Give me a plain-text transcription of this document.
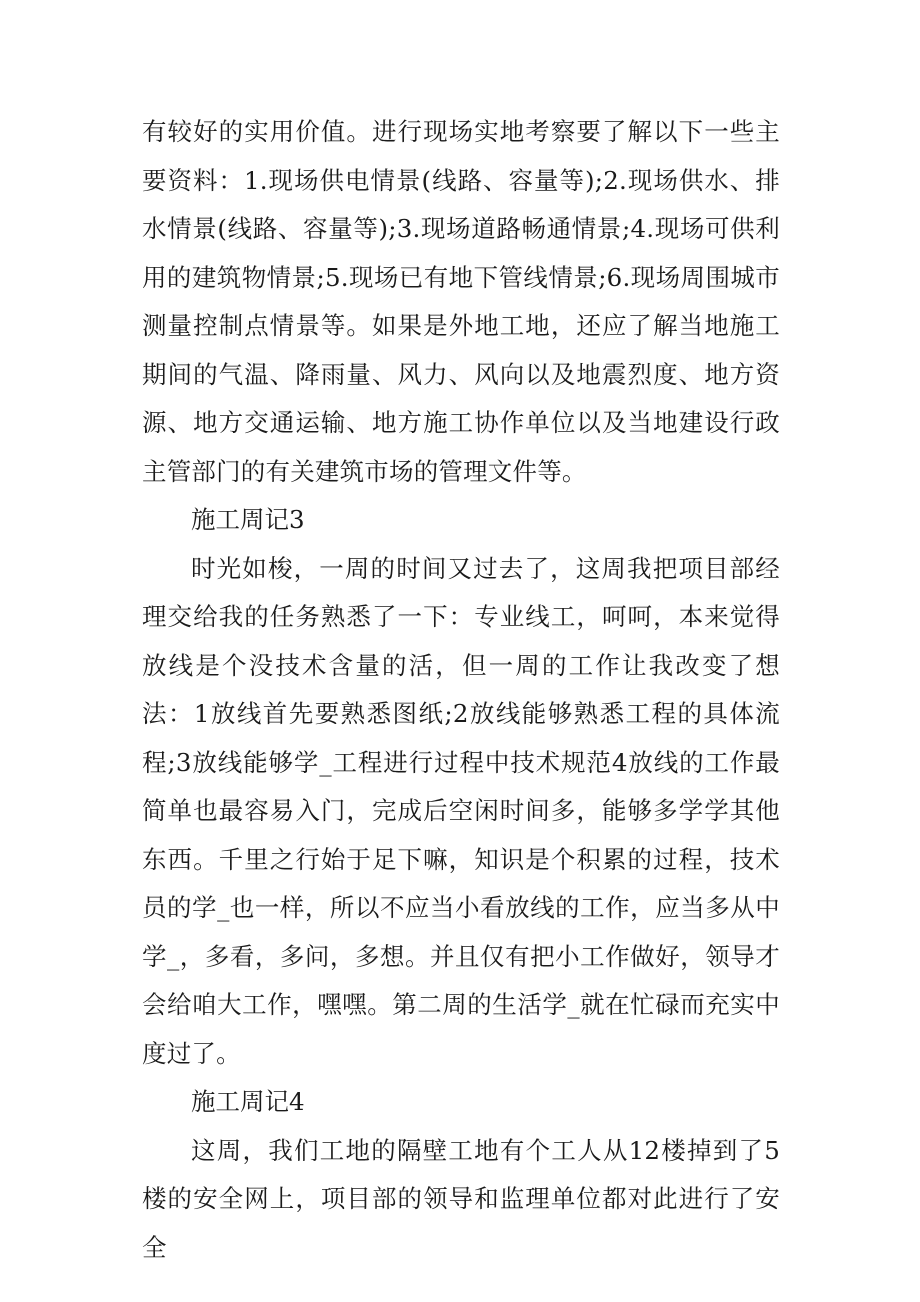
有较好的实用价值。进行现场实地考察要了解以下一些主要资料：1.现场供电情景(线路、容量等);2.现场供水、排水情景(线路、容量等);3.现场道路畅通情景;4.现场可供利用的建筑物情景;5.现场已有地下管线情景;6.现场周围城市测量控制点情景等。如果是外地工地，还应了解当地施工期间的气温、降雨量、风力、风向以及地震烈度、地方资源、地方交通运输、地方施工协作单位以及当地建设行政主管部门的有关建筑市场的管理文件等。

施工周记3

时光如梭，一周的时间又过去了，这周我把项目部经理交给我的任务熟悉了一下：专业线工，呵呵，本来觉得放线是个没技术含量的活，但一周的工作让我改变了想法：1放线首先要熟悉图纸;2放线能够熟悉工程的具体流程;3放线能够学_工程进行过程中技术规范4放线的工作最简单也最容易入门，完成后空闲时间多，能够多学学其他东西。千里之行始于足下嘛，知识是个积累的过程，技术员的学_也一样，所以不应当小看放线的工作，应当多从中学_，多看，多问，多想。并且仅有把小工作做好，领导才会给咱大工作，嘿嘿。第二周的生活学_就在忙碌而充实中度过了。

施工周记4

这周，我们工地的隔壁工地有个工人从12楼掉到了5楼的安全网上，项目部的领导和监理单位都对此进行了安全
